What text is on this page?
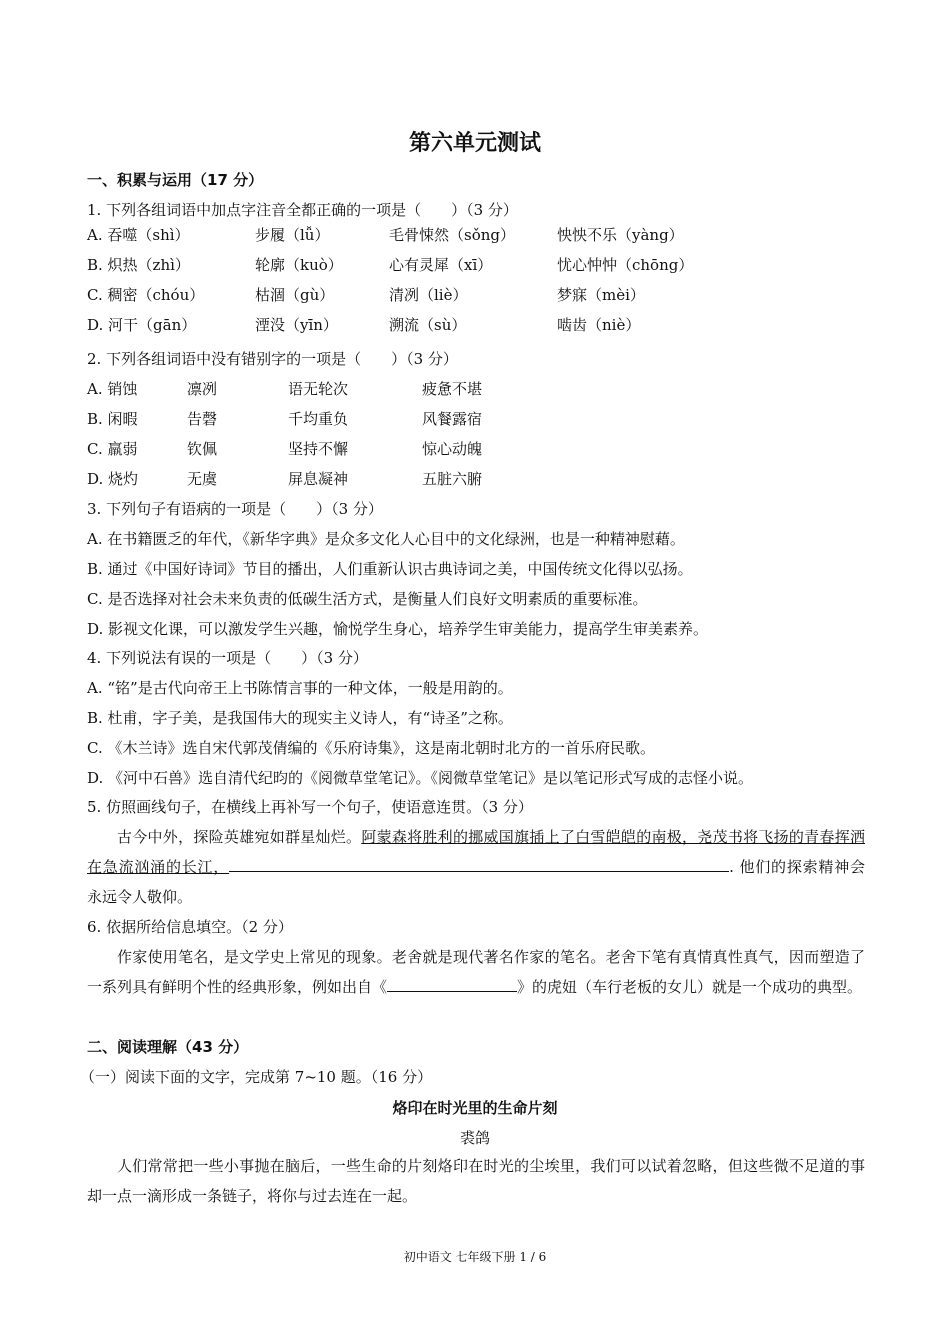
第六单元测试
一、积累与运用（17 分）
1. 下列各组词语中加点字注音全都正确的一项是（　　）（3 分）
A. 吞噬（shì）	步履（lǚ）	毛骨悚然（sǒng）	怏怏不乐（yàng）
B. 炽热（zhì）	轮廓（kuò）	心有灵犀（xī）	忧心忡忡（chōng）
C. 稠密（chóu）	枯涸（gù）	清冽（liè）	梦寐（mèi）
D. 河干（gān）	湮没（yīn）	溯流（sù）	啮齿（niè）
2. 下列各组词语中没有错别字的一项是（　　）（3 分）
A. 销蚀	凛冽	语无轮次	疲惫不堪
B. 闲暇	告磬	千均重负	风餐露宿
C. 羸弱	钦佩	坚持不懈	惊心动魄
D. 烧灼	无虞	屏息凝神	五脏六腑
3. 下列句子有语病的一项是（　　）（3 分）
A. 在书籍匮乏的年代，《新华字典》是众多文化人心目中的文化绿洲，也是一种精神慰藉。
B. 通过《中国好诗词》节目的播出，人们重新认识古典诗词之美，中国传统文化得以弘扬。
C. 是否选择对社会未来负责的低碳生活方式，是衡量人们良好文明素质的重要标准。
D. 影视文化课，可以激发学生兴趣，愉悦学生身心，培养学生审美能力，提高学生审美素养。
4. 下列说法有误的一项是（　　）（3 分）
A. “铭”是古代向帝王上书陈情言事的一种文体，一般是用韵的。
B. 杜甫，字子美，是我国伟大的现实主义诗人，有“诗圣”之称。
C. 《木兰诗》选自宋代郭茂倩编的《乐府诗集》，这是南北朝时北方的一首乐府民歌。
D. 《河中石兽》选自清代纪昀的《阅微草堂笔记》。《阅微草堂笔记》是以笔记形式写成的志怪小说。
5. 仿照画线句子，在横线上再补写一个句子，使语意连贯。（3 分）
古今中外，探险英雄宛如群星灿烂。阿蒙森将胜利的挪威国旗插上了白雪皑皑的南极，尧茂书将飞扬的青春挥洒在急流汹涌的长江，	. 他们的探索精神会永远令人敬仰。
6. 依据所给信息填空。（2 分）
作家使用笔名，是文学史上常见的现象。老舍就是现代著名作家的笔名。老舍下笔有真情真性真气，因而塑造了一系列具有鲜明个性的经典形象，例如出自《	》的虎妞（车行老板的女儿）就是一个成功的典型。
二、阅读理解（43 分）
（一）阅读下面的文字，完成第 7~10 题。（16 分）
烙印在时光里的生命片刻
裘鸽
人们常常把一些小事抛在脑后，一些生命的片刻烙印在时光的尘埃里，我们可以试着忽略，但这些微不足道的事却一点一滴形成一条链子，将你与过去连在一起。
初中语文 七年级下册 1 / 6
